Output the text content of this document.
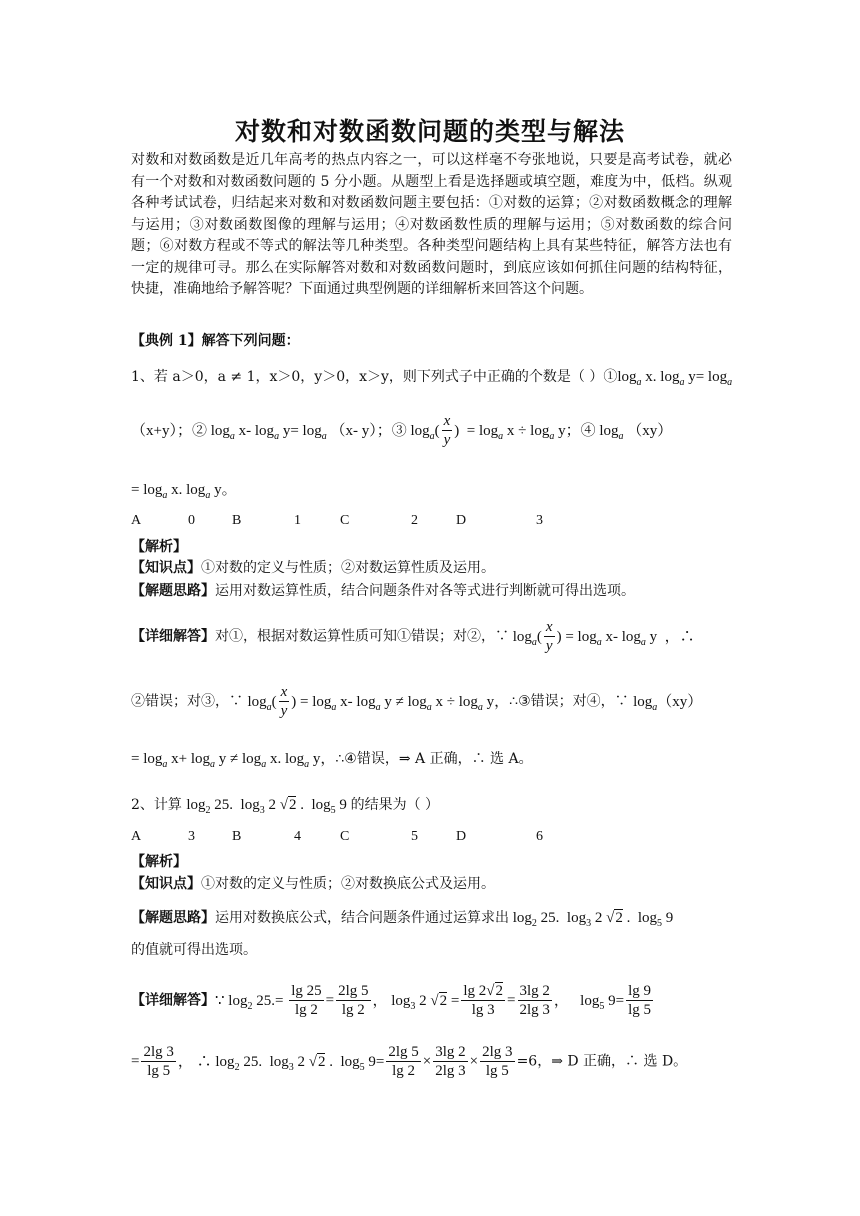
对数和对数函数问题的类型与解法
对数和对数函数是近几年高考的热点内容之一，可以这样毫不夸张地说，只要是高考试卷，就必有一个对数和对数函数问题的 5 分小题。从题型上看是选择题或填空题，难度为中，低档。纵观各种考试试卷，归结起来对数和对数函数问题主要包括：①对数的运算；②对数函数概念的理解与运用；③对数函数图像的理解与运用；④对数函数性质的理解与运用；⑤对数函数的综合问题；⑥对数方程或不等式的解法等几种类型。各种类型问题结构上具有某些特征，解答方法也有一定的规律可寻。那么在实际解答对数和对数函数问题时，到底应该如何抓住问题的结构特征，快捷，准确地给予解答呢？下面通过典型例题的详细解析来回答这个问题。
【典例 1】解答下列问题：
1、若 a＞0，a ≠ 1，x＞0，y＞0，x＞y，则下列式子中正确的个数是（ ）$①\log_a$ x. $\log_a y= \log_a$
（x+y）；② $\log_a x-$ $\log_a y= \log_a (x-$ y）；③ $\log_a( \frac{x}{y}$ )  = $\log_a x \div \log_a y$；④ $\log_a (xy)$
= $\log_a x$. $\log_a y$。
A	0	B	1	C	2	D	3
【解析】
【知识点】①对数的定义与性质；②对数运算性质及运用。
【解题思路】运用对数运算性质，结合问题条件对各等式进行判断就可得出选项。
【详细解答】对①，根据对数运算性质可知①错误；对②，∵ $\log_a( \frac{x}{y}$ ) = $\log_a x-$ $\log_a y$  ，∴
②错误；对③，∵ $\log_a( \frac{x}{y}$ ) = $\log_a x-$ $\log_a y \ne \log_a x \div \log_a y$，∴③错误；对④，∵ $\log_a(xy)$
= $\log_a x+ \log_a y \ne \log_a x$. $\log_a y$，∴④错误，⇒ A 正确，∴ 选 A。
2、计算 $\log_2 25$.  $\log_3 2$ √2 .  $\log_5 9$ 的结果为（ ）
A	3	B	4	C	5	D	6
【解析】
【知识点】①对数的定义与性质；②对数换底公式及运用。
【解题思路】运用对数换底公式，结合问题条件通过运算求出 $\log_2 25$.  $\log_3 2$ √2 .  $\log_5 9$
的值就可得出选项。
【详细解答】∵ $\log_2 25.= \frac{\lg 25}{\lg 2} = \frac{2\lg 5}{\lg 2}$ ， $\log_3 2$ $√2 = \frac{\lg 2√2}{\lg 3} = \frac{3\lg 2}{2\lg 3}$ ，   $\log_5 9= \frac{\lg 9}{\lg 5}$
= $\frac{2\lg 3}{\lg 5}$ ， ∴ $\log_2 25$.  $\log_3 2$ √2 .  $\log_5 9= \frac{2\lg 5}{\lg 2} \times \frac{3\lg 2}{2\lg 3} \times \frac{2\lg 3}{\lg 5} =6$，⇒ D 正确，∴ 选 D。
